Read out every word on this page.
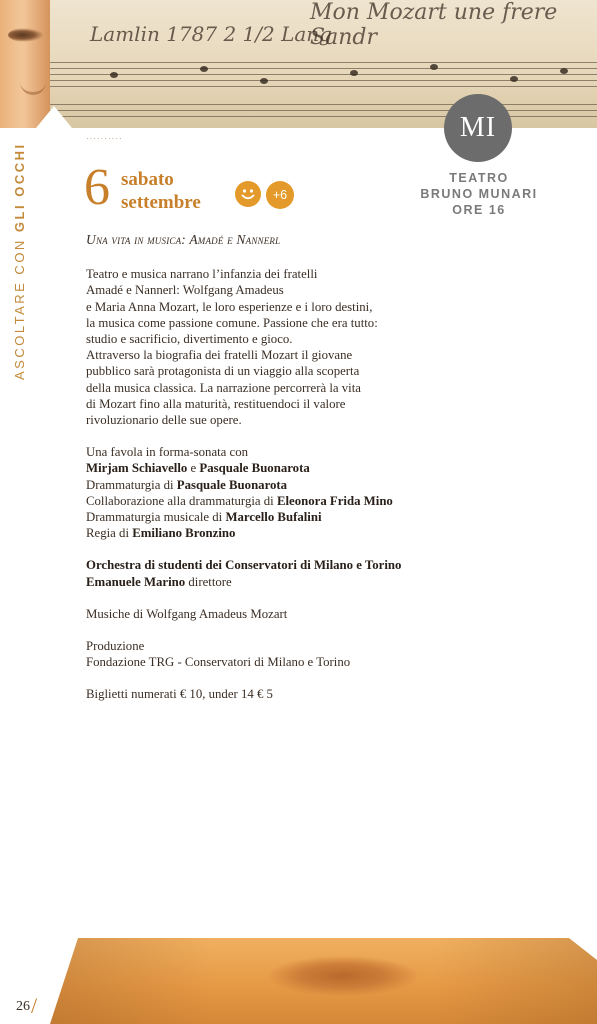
Mon Mozart une frere Sandr
Lamlin 1787 2 1/2 Lang
··········	MI
TEATRO
BRUNO MUNARI
ORE 16
ASCOLTARE CON GLI OCCHI 6 sabato
settembre	+6

Una vita in musica: Amadé e Nannerl

Teatro e musica narrano l’infanzia dei fratelli

Amadé e Nannerl: Wolfgang Amadeus

e Maria Anna Mozart, le loro esperienze e i loro destini,

la musica come passione comune. Passione che era tutto:

studio e sacrificio, divertimento e gioco.

Attraverso la biografia dei fratelli Mozart il giovane

pubblico sarà protagonista di un viaggio alla scoperta

della musica classica. La narrazione percorrerà la vita

di Mozart fino alla maturità, restituendoci il valore

rivoluzionario delle sue opere.

Una favola in forma-sonata con

Mirjam Schiavello e Pasquale Buonarota

Drammaturgia di Pasquale Buonarota

Collaborazione alla drammaturgia di Eleonora Frida Mino

Drammaturgia musicale di Marcello Bufalini

Regia di Emiliano Bronzino

Orchestra di studenti dei Conservatori di Milano e Torino

Emanuele Marino direttore

Musiche di Wolfgang Amadeus Mozart

Produzione

Fondazione TRG - Conservatori di Milano e Torino

Biglietti numerati € 10, under 14 € 5

26/
